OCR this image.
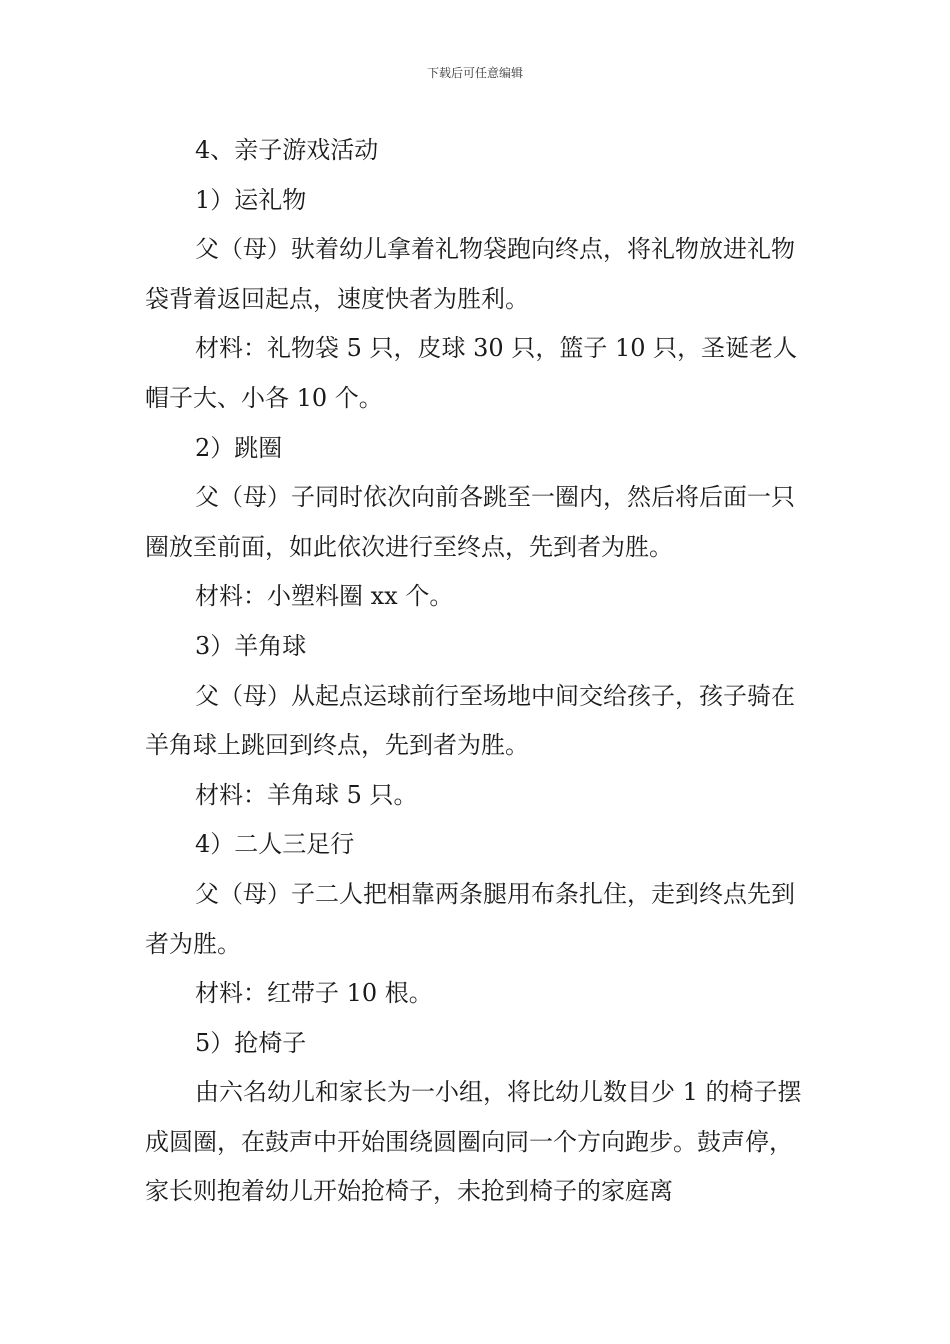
下载后可任意编辑

4、亲子游戏活动

1）运礼物

父（母）驮着幼儿拿着礼物袋跑向终点，将礼物放进礼物袋背着返回起点，速度快者为胜利。

材料：礼物袋 5 只，皮球 30 只，篮子 10 只，圣诞老人帽子大、小各 10 个。

2）跳圈

父（母）子同时依次向前各跳至一圈内，然后将后面一只圈放至前面，如此依次进行至终点，先到者为胜。

材料：小塑料圈 xx 个。

3）羊角球

父（母）从起点运球前行至场地中间交给孩子，孩子骑在羊角球上跳回到终点，先到者为胜。

材料：羊角球 5 只。

4）二人三足行

父（母）子二人把相靠两条腿用布条扎住，走到终点先到者为胜。

材料：红带子 10 根。

5）抢椅子

由六名幼儿和家长为一小组，将比幼儿数目少 1 的椅子摆成圆圈，在鼓声中开始围绕圆圈向同一个方向跑步。鼓声停，家长则抱着幼儿开始抢椅子，未抢到椅子的家庭离
